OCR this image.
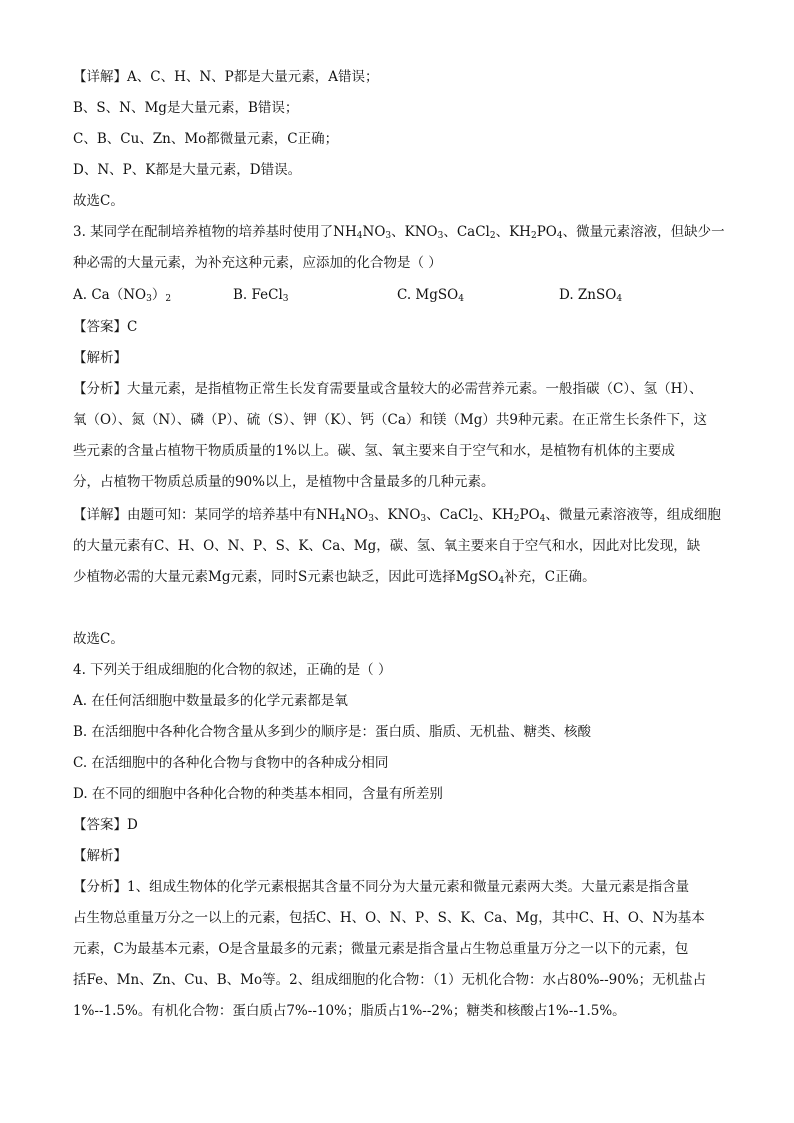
【详解】A、C、H、N、P都是大量元素，A错误；
B、S、N、Mg是大量元素，B错误；
C、B、Cu、Zn、Mo都微量元素，C正确；
D、N、P、K都是大量元素，D错误。
故选C。
3. 某同学在配制培养植物的培养基时使用了$NH_4NO_3$、$KNO_3$、CaCl$_2$、$KH_2PO_4$、微量元素溶液，但缺少一
种必需的大量元素，为补充这种元素，应添加的化合物是（ ）
A. $Ca(NO_3)_2$	B. FeCl$_3$	C. MgSO$_4$	D. ZnSO$_4$
【答案】C
【解析】
【分析】大量元素，是指植物正常生长发育需要量或含量较大的必需营养元素。一般指碳（C）、氢（H）、
氧（O）、氮（N）、磷（P）、硫（S）、钾（K）、钙（Ca）和镁（Mg）共9种元素。在正常生长条件下，这
些元素的含量占植物干物质质量的1%以上。碳、氢、氧主要来自于空气和水，是植物有机体的主要成
分，占植物干物质总质量的90%以上，是植物中含量最多的几种元素。
【详解】由题可知：某同学的培养基中有$NH_4NO_3$、$KNO_3$、CaCl$_2$、$KH_2PO_4$、微量元素溶液等，组成细胞
的大量元素有C、H、O、N、P、S、K、Ca、Mg，碳、氢、氧主要来自于空气和水，因此对比发现，缺
少植物必需的大量元素Mg元素，同时S元素也缺乏，因此可选择MgSO$_4$补充，C正确。
故选C。
4. 下列关于组成细胞的化合物的叙述，正确的是（ ）
A. 在任何活细胞中数量最多的化学元素都是氧
B. 在活细胞中各种化合物含量从多到少的顺序是：蛋白质、脂质、无机盐、糖类、核酸
C. 在活细胞中的各种化合物与食物中的各种成分相同
D. 在不同的细胞中各种化合物的种类基本相同，含量有所差别
【答案】D
【解析】
【分析】1、组成生物体的化学元素根据其含量不同分为大量元素和微量元素两大类。大量元素是指含量
占生物总重量万分之一以上的元素，包括C、H、O、N、P、S、K、Ca、Mg，其中C、H、O、N为基本
元素，C为最基本元素，O是含量最多的元素；微量元素是指含量占生物总重量万分之一以下的元素，包
括Fe、Mn、Zn、Cu、B、Mo等。2、组成细胞的化合物：（1）无机化合物：水占80%--90%；无机盐占
1%--1.5%。有机化合物：蛋白质占7%--10%；脂质占1%--2%；糖类和核酸占1%--1.5%。
